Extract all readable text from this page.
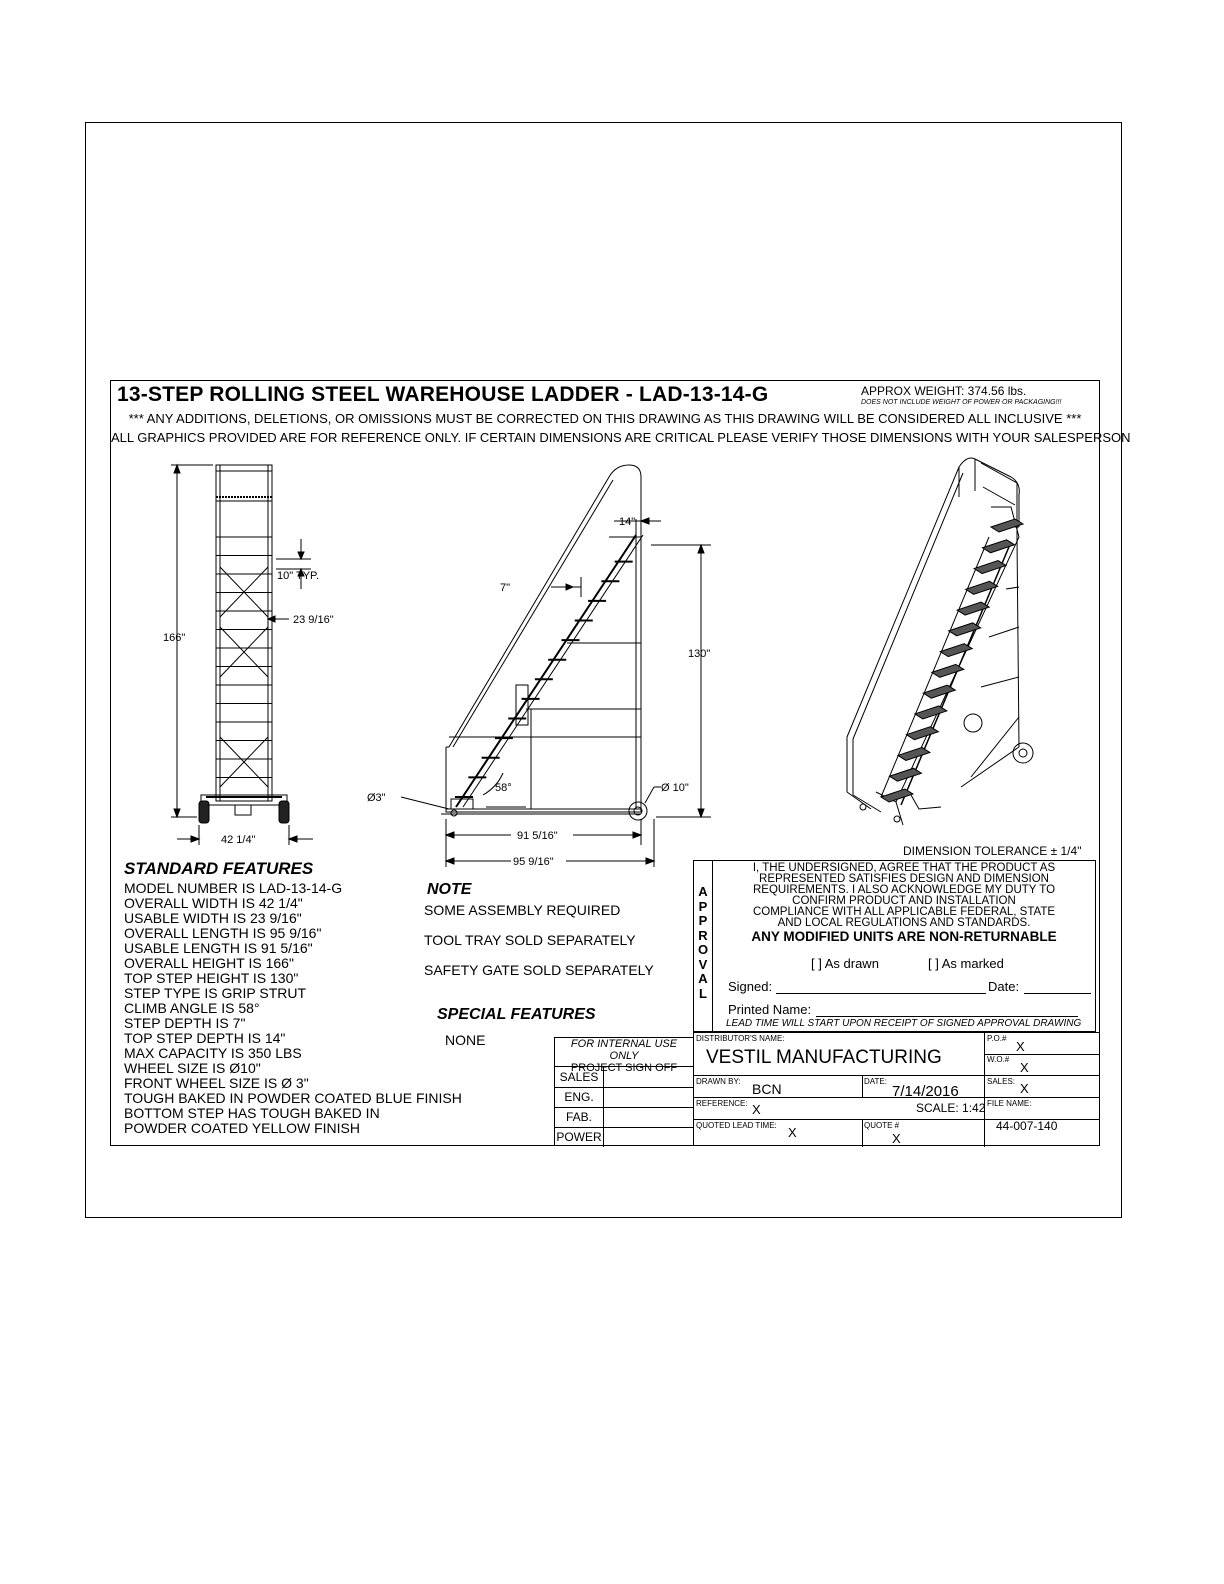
13-STEP ROLLING STEEL WAREHOUSE LADDER - LAD-13-14-G	APPROX WEIGHT: 374.56 lbs.
DOES NOT INCLUDE WEIGHT OF POWER OR PACKAGING!!!
*** ANY ADDITIONS, DELETIONS, OR OMISSIONS MUST BE CORRECTED ON THIS DRAWING AS THIS DRAWING WILL BE CONSIDERED ALL INCLUSIVE ***
ALL GRAPHICS PROVIDED ARE FOR REFERENCE ONLY. IF CERTAIN DIMENSIONS ARE CRITICAL PLEASE VERIFY THOSE DIMENSIONS WITH YOUR SALESPERSON
166"
10" TYP.
23 9/16"
42 1/4"
14"
7"
130"
Ø3"
Ø 10"
58°
91 5/16"
95 9/16"
STANDARD FEATURES
MODEL NUMBER IS LAD-13-14-G
OVERALL WIDTH IS 42 1/4"
USABLE WIDTH IS 23 9/16"
OVERALL LENGTH IS 95 9/16"
USABLE LENGTH IS 91 5/16"
OVERALL HEIGHT IS 166"
TOP STEP HEIGHT IS 130"
STEP TYPE IS GRIP STRUT
CLIMB ANGLE IS 58°
STEP DEPTH IS 7"
TOP STEP DEPTH IS 14"
MAX CAPACITY IS 350 LBS
WHEEL SIZE IS Ø10"
FRONT WHEEL SIZE IS Ø 3"
TOUGH BAKED IN POWDER COATED BLUE FINISH
BOTTOM STEP HAS TOUGH BAKED IN
POWDER COATED YELLOW FINISH
NOTE
SOME ASSEMBLY REQUIRED
TOOL TRAY SOLD SEPARATELY
SAFETY GATE SOLD SEPARATELY
SPECIAL FEATURES
NONE
DIMENSION TOLERANCE ± 1/4"
A
P
P
R
O
V
A
L
I, THE UNDERSIGNED, AGREE THAT THE PRODUCT AS
REPRESENTED SATISFIES DESIGN AND DIMENSION
REQUIREMENTS. I ALSO ACKNOWLEDGE MY DUTY TO
CONFIRM PRODUCT AND INSTALLATION
COMPLIANCE WITH ALL APPLICABLE FEDERAL, STATE
AND LOCAL REGULATIONS AND STANDARDS.
ANY MODIFIED UNITS ARE NON-RETURNABLE
[ ] As drawn	[ ] As marked
Signed:	Date:
Printed Name:
LEAD TIME WILL START UPON RECEIPT OF SIGNED APPROVAL DRAWING
FOR INTERNAL USE ONLY
PROJECT SIGN OFF
SALES
ENG.
FAB.
POWER
DISTRIBUTOR'S NAME:
VESTIL MANUFACTURING
P.O.#
X
W.O.#
X
DRAWN BY: BCN	DATE:
7/14/2016
SALES: X
REFERENCE: X	SCALE: 1:42 FILE NAME:
44-007-140
QUOTED LEAD TIME: X	QUOTE #
X
